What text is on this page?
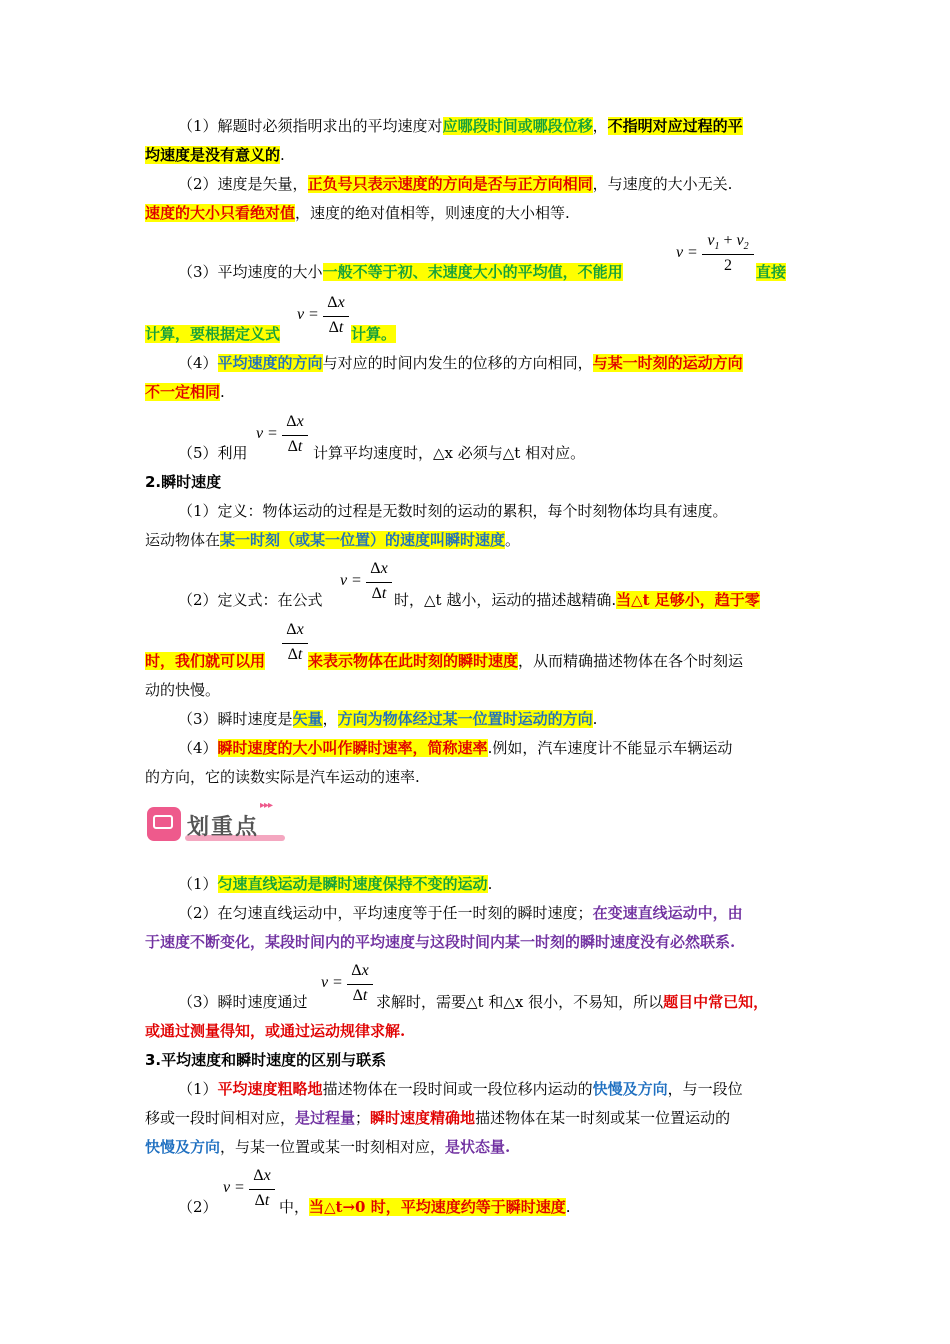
（1）解题时必须指明求出的平均速度对应哪段时间或哪段位移，不指明对应过程的平
均速度是没有意义的.
（2）速度是矢量，正负号只表示速度的方向是否与正方向相同，与速度的大小无关.
速度的大小只看绝对值，速度的绝对值相等，则速度的大小相等.
v =
$v_1 + v_2$
2
（3）平均速度的大小一般不等于初、末速度大小的平均值，不能用	直接
v =
Δx
Δt
计算，要根据定义式	计算。
（4）平均速度的方向与对应的时间内发生的位移的方向相同，与某一时刻的运动方向
不一定相同.
v =
Δx
Δt
（5）利用	计算平均速度时，△x 必须与△t 相对应。
2.瞬时速度
（1）定义：物体运动的过程是无数时刻的运动的累积，每个时刻物体均具有速度。
运动物体在某一时刻（或某一位置）的速度叫瞬时速度。
v =
Δx
Δt
（2）定义式：在公式	时，△t 越小，运动的描述越精确.当△t 足够小，趋于零
Δx
Δt
时，我们就可以用	来表示物体在此时刻的瞬时速度，从而精确描述物体在各个时刻运
动的快慢。
（3）瞬时速度是矢量，方向为物体经过某一位置时运动的方向.
（4）瞬时速度的大小叫作瞬时速率，简称速率.例如，汽车速度计不能显示车辆运动
的方向，它的读数实际是汽车运动的速率.
划重点
▸▸▸
（1）匀速直线运动是瞬时速度保持不变的运动.
（2）在匀速直线运动中，平均速度等于任一时刻的瞬时速度；在变速直线运动中，由
于速度不断变化，某段时间内的平均速度与这段时间内某一时刻的瞬时速度没有必然联系.
v =
Δx
Δt
（3）瞬时速度通过	求解时，需要△t 和△x 很小，不易知，所以题目中常已知，
或通过测量得知，或通过运动规律求解.
3.平均速度和瞬时速度的区别与联系
（1）平均速度粗略地描述物体在一段时间或一段位移内运动的快慢及方向，与一段位
移或一段时间相对应，是过程量；瞬时速度精确地描述物体在某一时刻或某一位置运动的
快慢及方向，与某一位置或某一时刻相对应，是状态量.
v =
Δx
Δt
（2）	中，当△t→0 时，平均速度约等于瞬时速度.
